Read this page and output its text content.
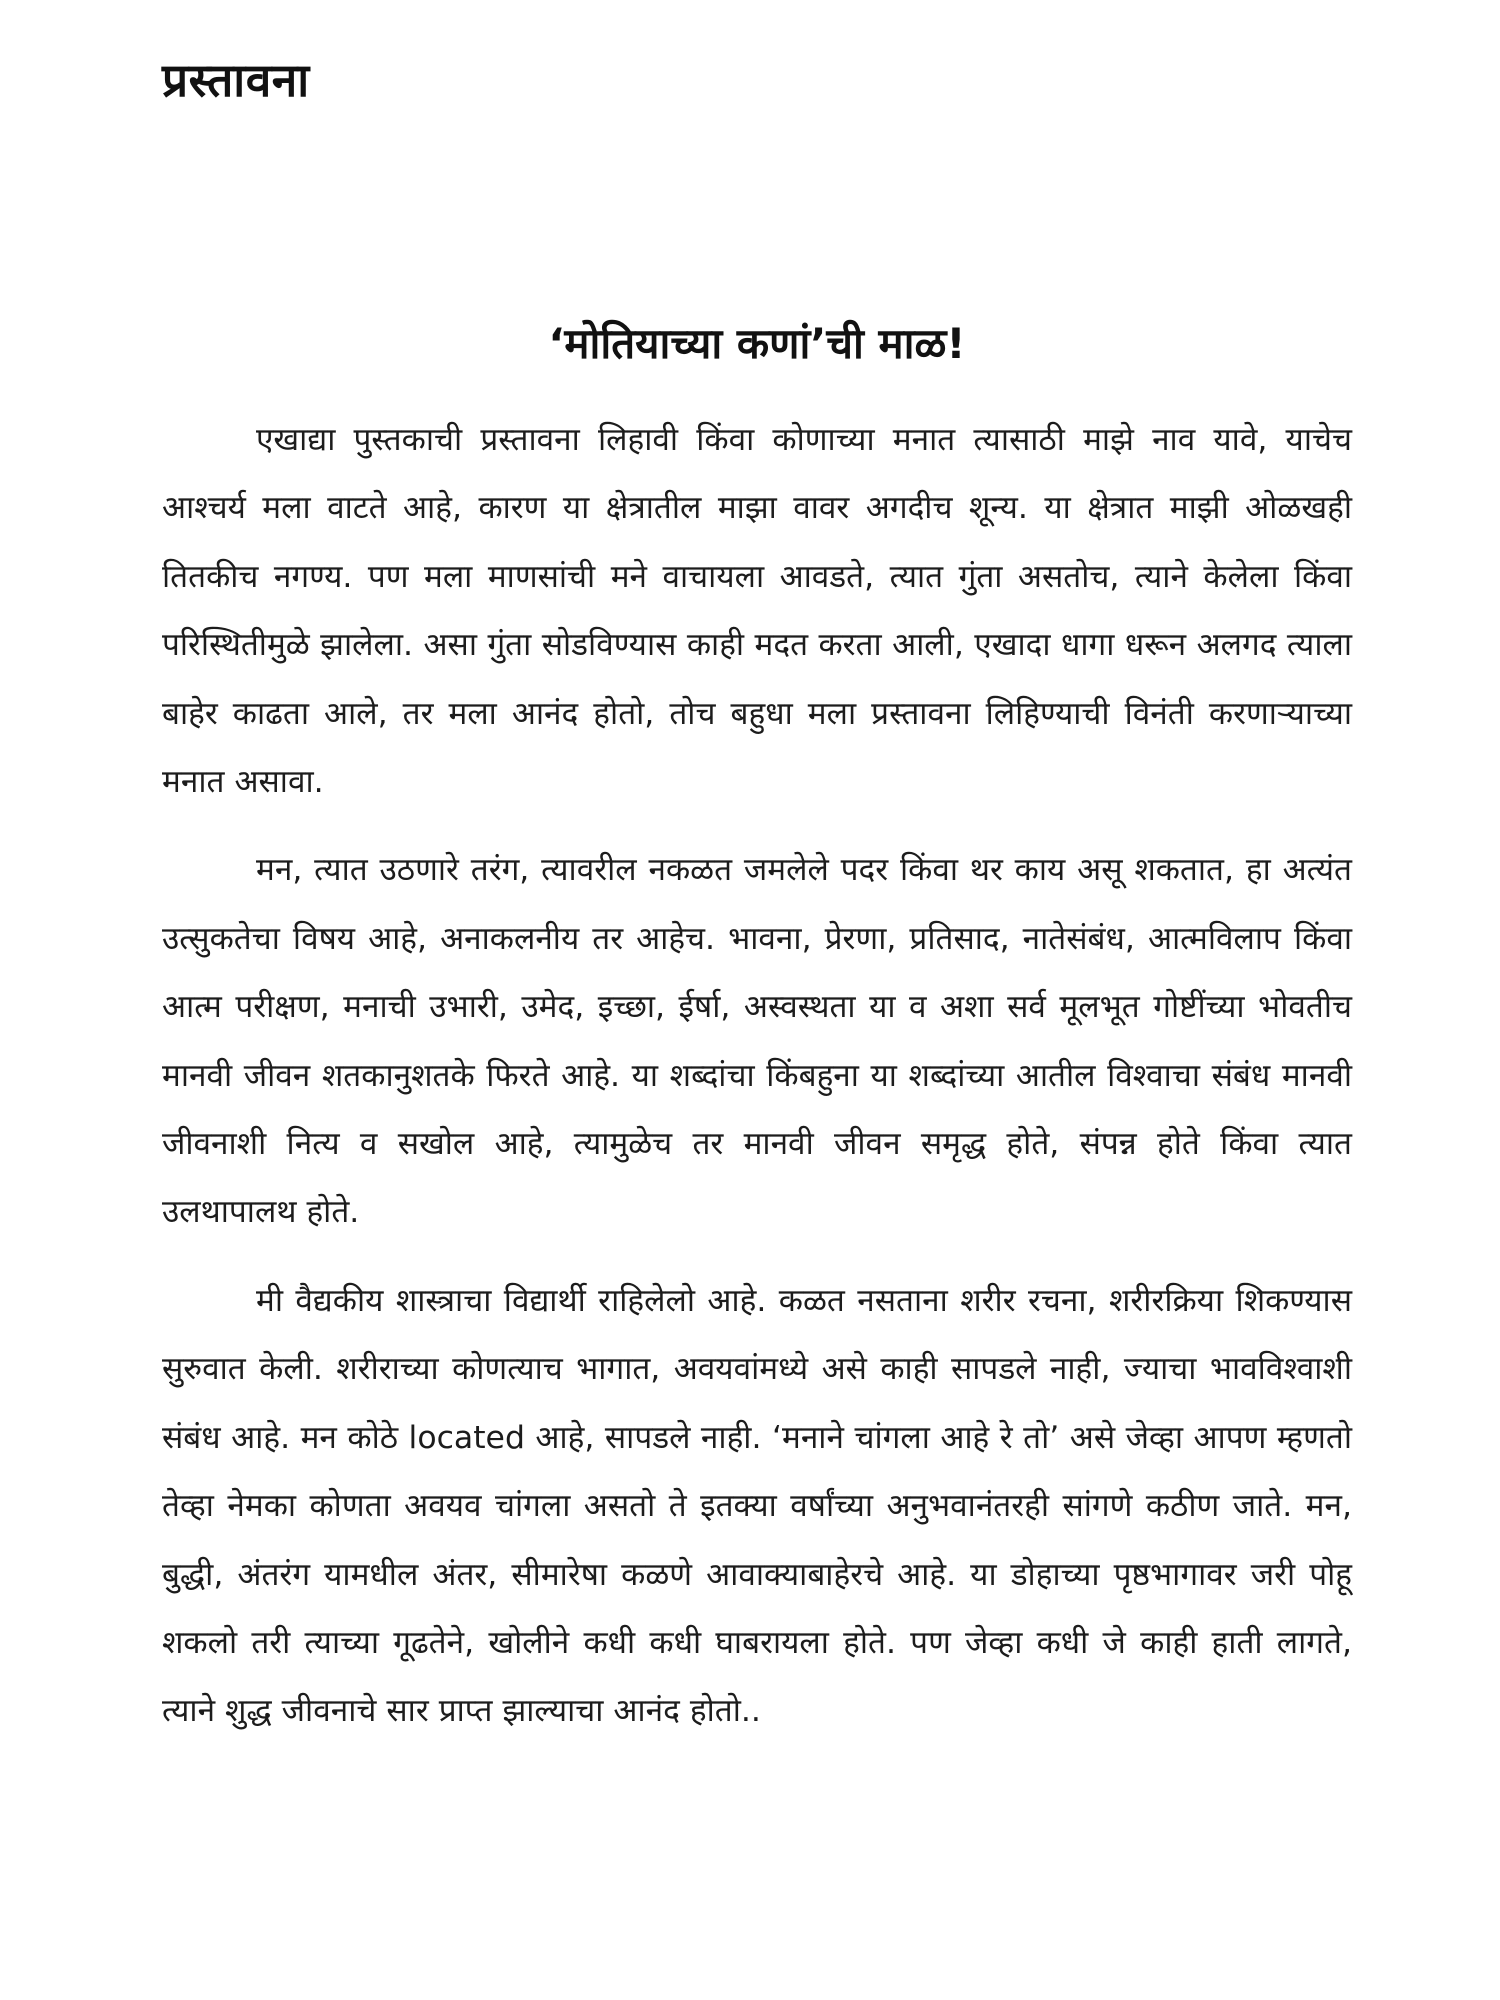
प्रस्तावना
‘मोतियाच्या कणां’ची माळ!

एखाद्या पुस्तकाची प्रस्तावना लिहावी किंवा कोणाच्या मनात त्यासाठी माझे नाव यावे, याचेच आश्चर्य मला वाटते आहे, कारण या क्षेत्रातील माझा वावर अगदीच शून्य. या क्षेत्रात माझी ओळखही तितकीच नगण्य. पण मला माणसांची मने वाचायला आवडते, त्यात गुंता असतोच, त्याने केलेला किंवा परिस्थितीमुळे झालेला. असा गुंता सोडविण्यास काही मदत करता आली, एखादा धागा धरून अलगद त्याला बाहेर काढता आले, तर मला आनंद होतो, तोच बहुधा मला प्रस्तावना लिहिण्याची विनंती करणाऱ्याच्या मनात असावा.

मन, त्यात उठणारे तरंग, त्यावरील नकळत जमलेले पदर किंवा थर काय असू शकतात, हा अत्यंत उत्सुकतेचा विषय आहे, अनाकलनीय तर आहेच. भावना, प्रेरणा, प्रतिसाद, नातेसंबंध, आत्मविलाप किंवा आत्म परीक्षण, मनाची उभारी, उमेद, इच्छा, ईर्षा, अस्वस्थता या व अशा सर्व मूलभूत गोष्टींच्या भोवतीच मानवी जीवन शतकानुशतके फिरते आहे. या शब्दांचा किंबहुना या शब्दांच्या आतील विश्वाचा संबंध मानवी जीवनाशी नित्य व सखोल आहे, त्यामुळेच तर मानवी जीवन समृद्ध होते, संपन्न होते किंवा त्यात उलथापालथ होते.

मी वैद्यकीय शास्त्राचा विद्यार्थी राहिलेलो आहे. कळत नसताना शरीर रचना, शरीरक्रिया शिकण्यास सुरुवात केली. शरीराच्या कोणत्याच भागात, अवयवांमध्ये असे काही सापडले नाही, ज्याचा भावविश्वाशी संबंध आहे. मन कोठे located आहे, सापडले नाही. ‘मनाने चांगला आहे रे तो’ असे जेव्हा आपण म्हणतो तेव्हा नेमका कोणता अवयव चांगला असतो ते इतक्या वर्षांच्या अनुभवानंतरही सांगणे कठीण जाते. मन, बुद्धी, अंतरंग यामधील अंतर, सीमारेषा कळणे आवाक्याबाहेरचे आहे. या डोहाच्या पृष्ठभागावर जरी पोहू शकलो तरी त्याच्या गूढतेने, खोलीने कधी कधी घाबरायला होते. पण जेव्हा कधी जे काही हाती लागते, त्याने शुद्ध जीवनाचे सार प्राप्त झाल्याचा आनंद होतो..
